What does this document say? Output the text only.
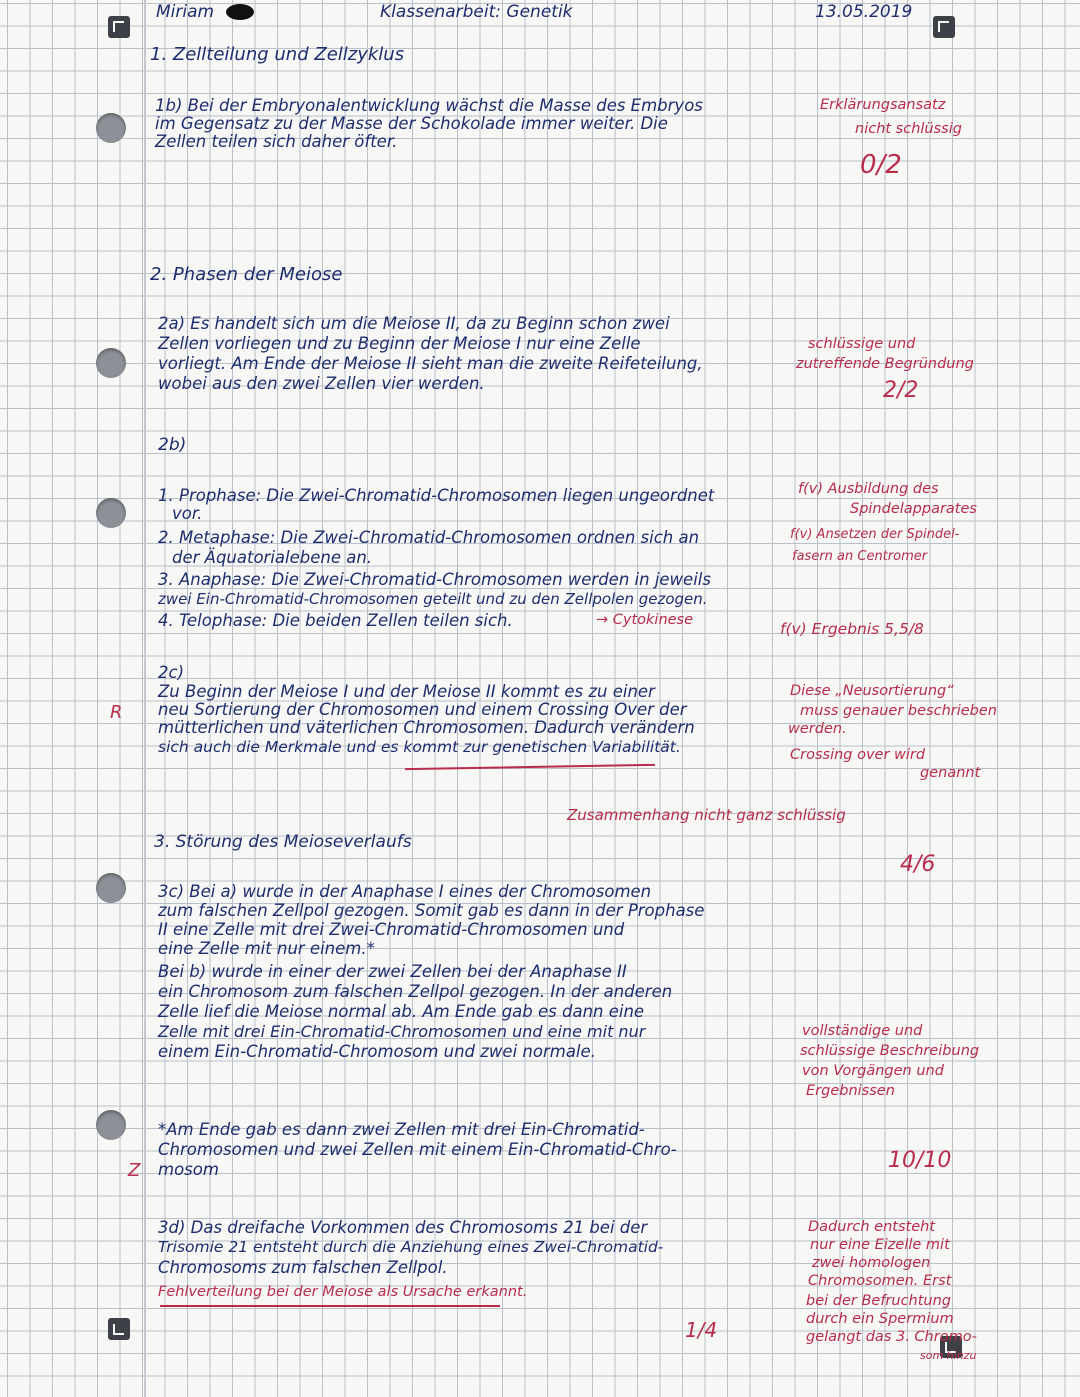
Miriam	Klassenarbeit: Genetik	13.05.2019
1. Zellteilung und Zellzyklus
1b) Bei der Embryonalentwicklung wächst die Masse des Embryos
im Gegensatz zu der Masse der Schokolade immer weiter. Die
Zellen teilen sich daher öfter.
Erklärungsansatz
nicht schlüssig
0/2
2. Phasen der Meiose
2a) Es handelt sich um die Meiose II, da zu Beginn schon zwei
Zellen vorliegen und zu Beginn der Meiose I nur eine Zelle
vorliegt. Am Ende der Meiose II sieht man die zweite Reifeteilung,
wobei aus den zwei Zellen vier werden.
schlüssige und
zutreffende Begründung
2/2
2b)
1. Prophase: Die Zwei-Chromatid-Chromosomen liegen ungeordnet
vor.
2. Metaphase: Die Zwei-Chromatid-Chromosomen ordnen sich an
der Äquatorialebene an.
3. Anaphase: Die Zwei-Chromatid-Chromosomen werden in jeweils
zwei Ein-Chromatid-Chromosomen geteilt und zu den Zellpolen gezogen.
4. Telophase: Die beiden Zellen teilen sich.	→ Cytokinese
f(v) Ausbildung des
Spindelapparates
f(v) Ansetzen der Spindel-
fasern an Centromer
f(v) Ergebnis 5,5/8
2c)
Zu Beginn der Meiose I und der Meiose II kommt es zu einer
neu Sortierung der Chromosomen und einem Crossing Over der
mütterlichen und väterlichen Chromosomen. Dadurch verändern
sich auch die Merkmale und es kommt zur genetischen Variabilität.
R
Diese „Neusortierung“
muss genauer beschrieben
werden.
Crossing over wird
genannt
Zusammenhang nicht ganz schlüssig
4/6
3. Störung des Meioseverlaufs
3c) Bei a) wurde in der Anaphase I eines der Chromosomen
zum falschen Zellpol gezogen. Somit gab es dann in der Prophase
II eine Zelle mit drei Zwei-Chromatid-Chromosomen und
eine Zelle mit nur einem.*
Bei b) wurde in einer der zwei Zellen bei der Anaphase II
ein Chromosom zum falschen Zellpol gezogen. In der anderen
Zelle lief die Meiose normal ab. Am Ende gab es dann eine
Zelle mit drei Ein-Chromatid-Chromosomen und eine mit nur
einem Ein-Chromatid-Chromosom und zwei normale.
*Am Ende gab es dann zwei Zellen mit drei Ein-Chromatid-
Chromosomen und zwei Zellen mit einem Ein-Chromatid-Chro-
mosom
Z
vollständige und
schlüssige Beschreibung
von Vorgängen und
Ergebnissen
10/10
3d) Das dreifache Vorkommen des Chromosoms 21 bei der
Trisomie 21 entsteht durch die Anziehung eines Zwei-Chromatid-
Chromosoms zum falschen Zellpol.
Fehlverteilung bei der Meiose als Ursache erkannt.
Dadurch entsteht
nur eine Eizelle mit
zwei homologen
Chromosomen. Erst
bei der Befruchtung
durch ein Spermium
gelangt das 3. Chromo-
som hinzu
1/4
